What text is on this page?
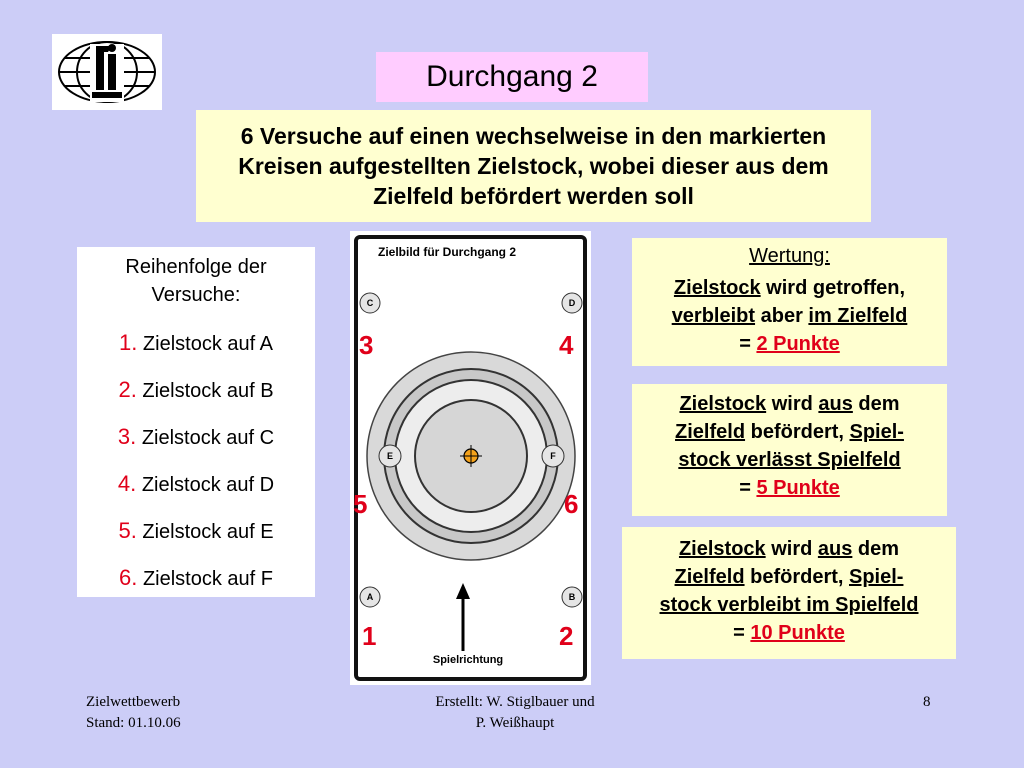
Durchgang 2
6 Versuche auf einen wechselweise in den markierten Kreisen aufgestellten Zielstock, wobei dieser aus dem Zielfeld befördert werden soll
Reihenfolge der
Versuche:
1. Zielstock auf A
2. Zielstock auf B
3. Zielstock auf C
4. Zielstock auf D
5. Zielstock auf E
6. Zielstock auf F
Zielbild für Durchgang 2
C	D
E	F
A	B
Spielrichtung
3	4
5	6
1	2
Wertung:
Zielstock wird getroffen,
verbleibt aber im Zielfeld
= 2 Punkte
Zielstock wird aus dem
Zielfeld befördert, Spiel-
stock verlässt Spielfeld
= 5 Punkte
Zielstock wird aus dem
Zielfeld befördert, Spiel-
stock verbleibt im Spielfeld
= 10 Punkte
Zielwettbewerb
Stand: 01.10.06
Erstellt: W. Stiglbauer und
P. Weißhaupt
8
